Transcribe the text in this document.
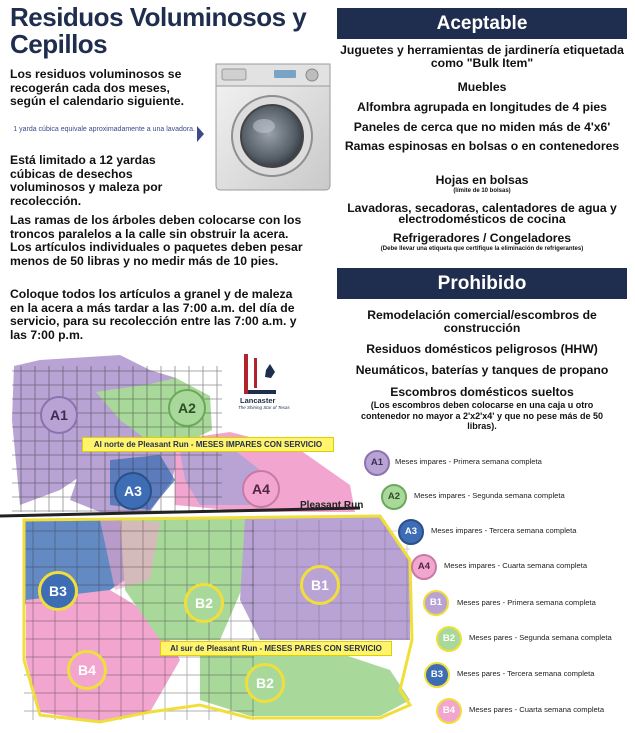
Residuos Voluminosos y Cepillos
Los residuos voluminosos se recogerán cada dos meses, según el calendario siguiente.
1 yarda cúbica equivale aproximadamente a una lavadora.
Está limitado a 12 yardas cúbicas de desechos voluminosos y maleza por recolección.
Las ramas de los árboles deben colocarse con los troncos paralelos a la calle sin obstruir la acera. Los artículos individuales o paquetes deben pesar menos de 50 libras y no medir más de 10 pies.
Coloque todos los artículos a granel y de maleza en la acera a más tardar a las 7:00 a.m. del día de servicio, para su recolección entre las 7:00 a.m. y las 7:00 p.m.
Aceptable
Juguetes y herramientas de jardinería etiquetada como "Bulk Item"
Muebles
Alfombra agrupada en longitudes de 4 pies
Paneles de cerca que no miden más de 4'x6'
Ramas espinosas en bolsas o en contenedores
Hojas en bolsas
(límite de 10 bolsas)
Lavadoras, secadoras, calentadores de agua y electrodomésticos de cocina
Refrigeradores / Congeladores
(Debe llevar una etiqueta que certifique la eliminación de refrigerantes)
Prohibido
Remodelación comercial/escombros de construcción
Residuos domésticos peligrosos (HHW)
Neumáticos, baterías y tanques de propano
Escombros domésticos sueltos
(Los escombros deben colocarse en una caja u otro contenedor no mayor a 2'x2'x4' y que no pese más de 50 libras).
Lancaster
The Shining Star of Texas
A1	A2
A3	A4
B1
B2
B3
B4
B2
Al norte de Pleasant Run - MESES IMPARES CON SERVICIO
Al sur de Pleasant Run - MESES PARES CON SERVICIO
Pleasant Run
A1	Meses impares - Primera semana completa
A2	Meses impares - Segunda semana completa
A3	Meses impares - Tercera semana completa
A4	Meses impares - Cuarta semana completa
B1	Meses pares - Primera semana completa
B2	Meses pares - Segunda semana completa
B3	Meses pares - Tercera semana completa
B4	Meses pares - Cuarta semana completa
